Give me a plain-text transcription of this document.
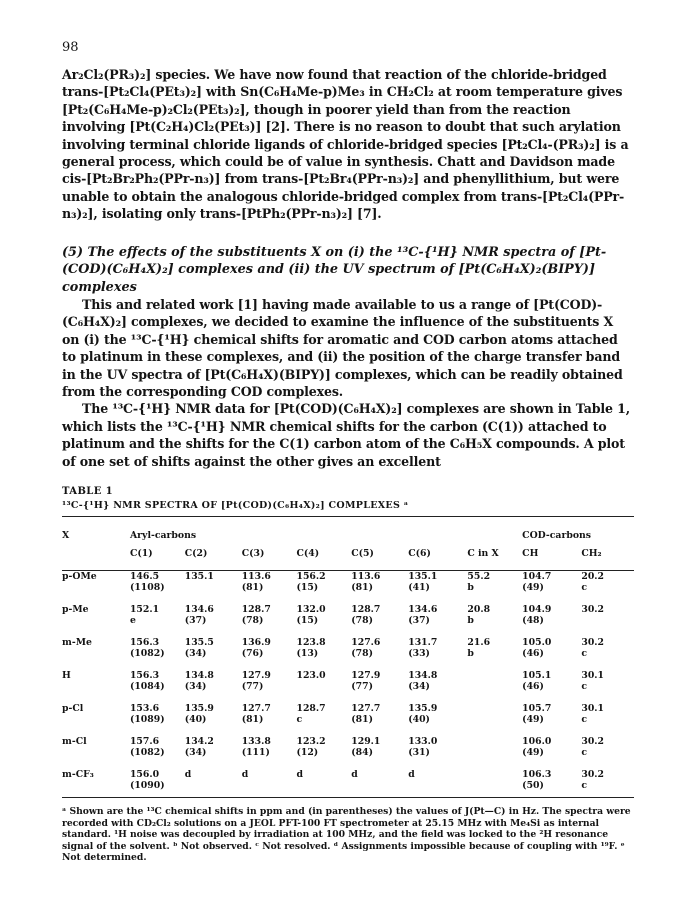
98
Ar₂Cl₂(PR₃)₂] species. We have now found that reaction of the chloride-bridged trans-[Pt₂Cl₄(PEt₃)₂] with Sn(C₆H₄Me-p)Me₃ in CH₂Cl₂ at room temperature gives [Pt₂(C₆H₄Me-p)₂Cl₂(PEt₃)₂], though in poorer yield than from the reaction involving [Pt(C₂H₄)Cl₂(PEt₃)] [2]. There is no reason to doubt that such arylation involving terminal chloride ligands of chloride-bridged species [Pt₂Cl₄-(PR₃)₂] is a general process, which could be of value in synthesis. Chatt and Davidson made cis-[Pt₂Br₂Ph₂(PPr-n₃)] from trans-[Pt₂Br₄(PPr-n₃)₂] and phenyllithium, but were unable to obtain the analogous chloride-bridged complex from trans-[Pt₂Cl₄(PPr-n₃)₂], isolating only trans-[PtPh₂(PPr-n₃)₂] [7].
(5) The effects of the substituents X on (i) the ¹³C-{¹H} NMR spectra of [Pt-(COD)(C₆H₄X)₂] complexes and (ii) the UV spectrum of [Pt(C₆H₄X)₂(BIPY)] complexes
This and related work [1] having made available to us a range of [Pt(COD)-(C₆H₄X)₂] complexes, we decided to examine the influence of the substituents X on (i) the ¹³C-{¹H} chemical shifts for aromatic and COD carbon atoms attached to platinum in these complexes, and (ii) the position of the charge transfer band in the UV spectra of [Pt(C₆H₄X)(BIPY)] complexes, which can be readily obtained from the corresponding COD complexes.
The ¹³C-{¹H} NMR data for [Pt(COD)(C₆H₄X)₂] complexes are shown in Table 1, which lists the ¹³C-{¹H} NMR chemical shifts for the carbon (C(1)) attached to platinum and the shifts for the C(1) carbon atom of the C₆H₅X compounds. A plot of one set of shifts against the other gives an excellent
TABLE 1
¹³C-{¹H} NMR SPECTRA OF [Pt(COD)(C₆H₄X)₂] COMPLEXES ᵃ
X	Aryl-carbons							COD-carbons	
	C(1)	C(2)	C(3)	C(4)	C(5)	C(6)	C in X	CH	CH₂
p-OMe	146.5	135.1	113.6	156.2	113.6	135.1	55.2	104.7	20.2
	(1108)		(81)	(15)	(81)	(41)	b	(49)	c
p-Me	152.1	134.6	128.7	132.0	128.7	134.6	20.8	104.9	30.2
	e	(37)	(78)	(15)	(78)	(37)	b	(48)	
m-Me	156.3	135.5	136.9	123.8	127.6	131.7	21.6	105.0	30.2
	(1082)	(34)	(76)	(13)	(78)	(33)	b	(46)	c
H	156.3	134.8	127.9	123.0	127.9	134.8		105.1	30.1
	(1084)	(34)	(77)		(77)	(34)		(46)	c
p-Cl	153.6	135.9	127.7	128.7	127.7	135.9		105.7	30.1
	(1089)	(40)	(81)	c	(81)	(40)		(49)	c
m-Cl	157.6	134.2	133.8	123.2	129.1	133.0		106.0	30.2
	(1082)	(34)	(111)	(12)	(84)	(31)		(49)	c
m-CF₃	156.0	d	d	d	d	d		106.3	30.2
	(1090)							(50)	c
ᵃ Shown are the ¹³C chemical shifts in ppm and (in parentheses) the values of J(Pt—C) in Hz. The spectra were recorded with CD₂Cl₂ solutions on a JEOL PFT-100 FT spectrometer at 25.15 MHz with Me₄Si as internal standard. ¹H noise was decoupled by irradiation at 100 MHz, and the field was locked to the ²H resonance signal of the solvent. ᵇ Not observed. ᶜ Not resolved. ᵈ Assignments impossible because of coupling with ¹⁹F. ᵉ Not determined.
